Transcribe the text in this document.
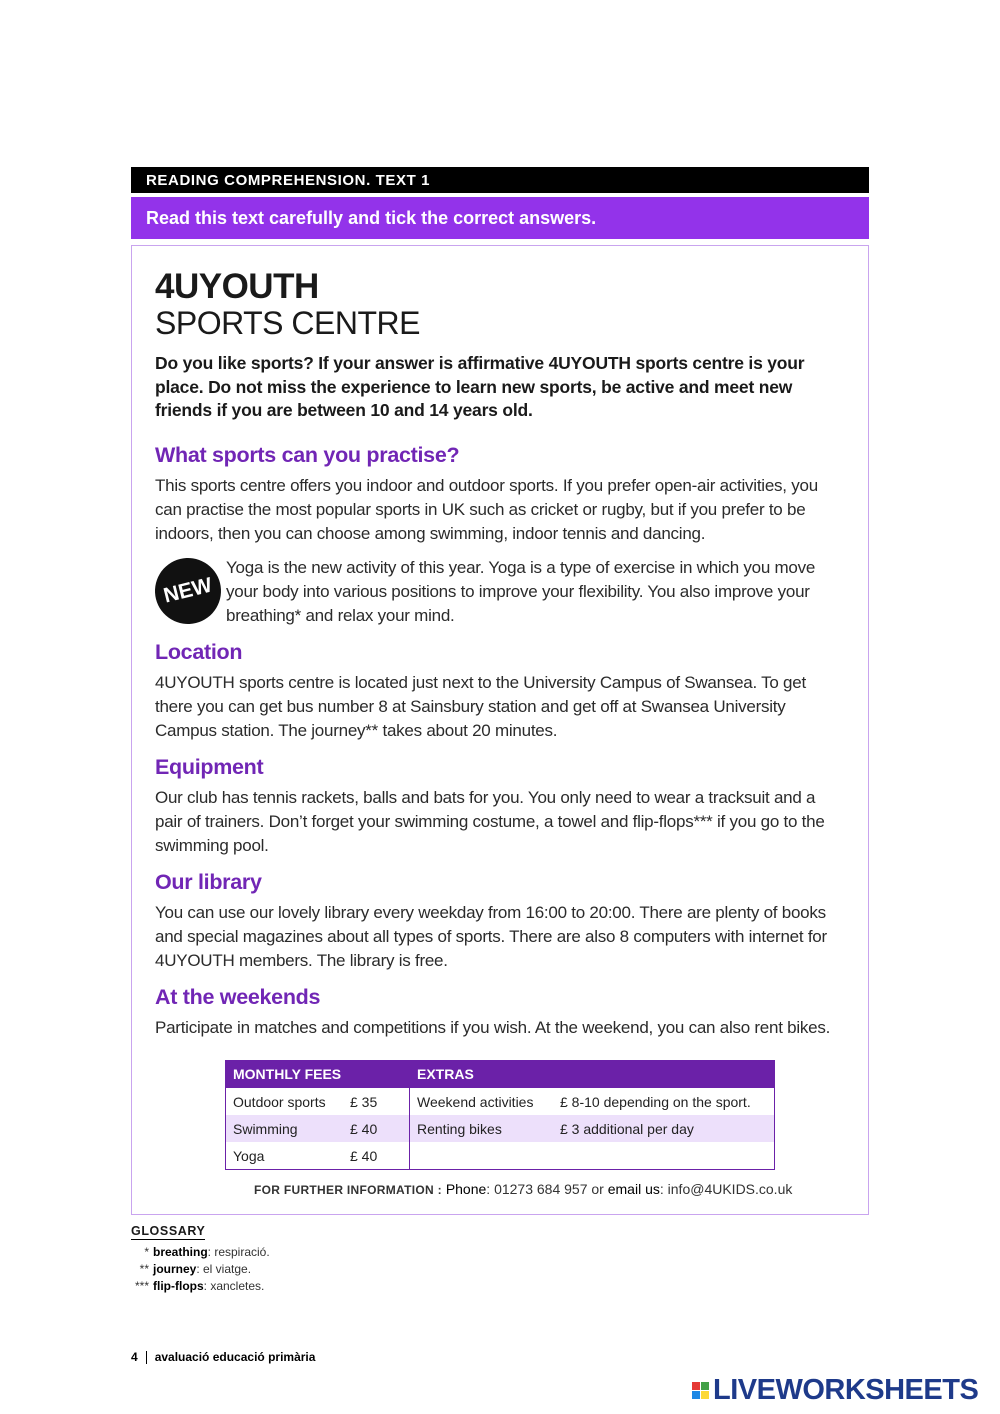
READING COMPREHENSION. TEXT 1
Read this text carefully and tick the correct answers.
4UYOUTH
SPORTS CENTRE
Do you like sports? If your answer is affirmative 4UYOUTH sports centre is your place. Do not miss the experience to learn new sports, be active and meet new friends if you are between 10 and 14 years old.
What sports can you practise?
This sports centre offers you indoor and outdoor sports. If you prefer open-air activities, you can practise the most popular sports in UK such as cricket or rugby, but if you prefer to be indoors, then you can choose among swimming, indoor tennis and dancing.
NEW
Yoga is the new activity of this year. Yoga is a type of exercise in which you move your body into various positions to improve your flexibility. You also improve your breathing* and relax your mind.
Location
4UYOUTH sports centre is located just next to the University Campus of Swansea. To get there you can get bus number 8 at Sainsbury station and get off at Swansea University Campus station. The journey** takes about 20 minutes.
Equipment
Our club has tennis rackets, balls and bats for you. You only need to wear a tracksuit and a pair of trainers. Don’t forget your swimming costume, a towel and flip-flops*** if you go to the swimming pool.
Our library
You can use our lovely library every weekday from 16:00 to 20:00. There are plenty of books and special magazines about all types of sports. There are also 8 computers with internet for 4UYOUTH members. The library is free.
At the weekends
Participate in matches and competitions if you wish. At the weekend, you can also rent bikes.
MONTHLY FEES		EXTRAS	
Outdoor sports	£ 35	Weekend activities	£ 8-10 depending on the sport.
Swimming	£ 40	Renting bikes	£ 3 additional per day
Yoga	£ 40		
FOR FURTHER INFORMATION : Phone: 01273 684 957 or email us: info@4UKIDS.co.uk
GLOSSARY
* breathing: respiració.
** journey: el viatge.
*** flip-flops: xancletes.
4 avaluació educació primària
LIVEWORKSHEETS
